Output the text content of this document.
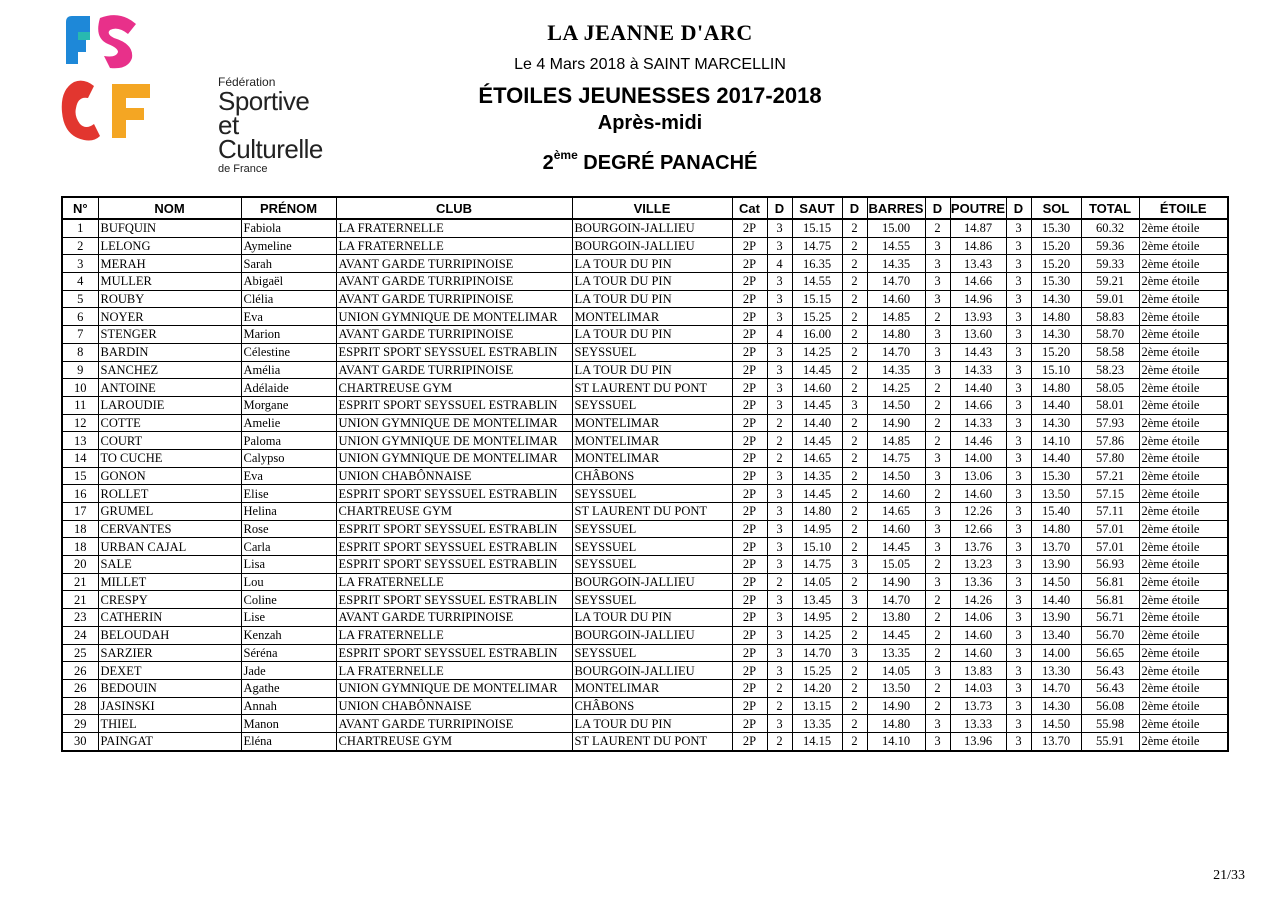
Fédération
Sportive
et Culturelle
de France
LA JEANNE D'ARC
Le 4 Mars 2018 à SAINT MARCELLIN
ÉTOILES JEUNESSES 2017-2018
Après-midi
2ème DEGRÉ PANACHÉ
N°	NOM	PRÉNOM	CLUB	VILLE	Cat	D	SAUT	D	BARRES	D	POUTRE	D	SOL	TOTAL	ÉTOILE
1	BUFQUIN	Fabiola	LA FRATERNELLE	BOURGOIN-JALLIEU	2P	3	15.15	2	15.00	2	14.87	3	15.30	60.32	2ème étoile
2	LELONG	Aymeline	LA FRATERNELLE	BOURGOIN-JALLIEU	2P	3	14.75	2	14.55	3	14.86	3	15.20	59.36	2ème étoile
3	MERAH	Sarah	AVANT GARDE TURRIPINOISE	LA TOUR DU PIN	2P	4	16.35	2	14.35	3	13.43	3	15.20	59.33	2ème étoile
4	MULLER	Abigaël	AVANT GARDE TURRIPINOISE	LA TOUR DU PIN	2P	3	14.55	2	14.70	3	14.66	3	15.30	59.21	2ème étoile
5	ROUBY	Clélia	AVANT GARDE TURRIPINOISE	LA TOUR DU PIN	2P	3	15.15	2	14.60	3	14.96	3	14.30	59.01	2ème étoile
6	NOYER	Eva	UNION GYMNIQUE DE MONTELIMAR	MONTELIMAR	2P	3	15.25	2	14.85	2	13.93	3	14.80	58.83	2ème étoile
7	STENGER	Marion	AVANT GARDE TURRIPINOISE	LA TOUR DU PIN	2P	4	16.00	2	14.80	3	13.60	3	14.30	58.70	2ème étoile
8	BARDIN	Célestine	ESPRIT SPORT SEYSSUEL ESTRABLIN	SEYSSUEL	2P	3	14.25	2	14.70	3	14.43	3	15.20	58.58	2ème étoile
9	SANCHEZ	Amélia	AVANT GARDE TURRIPINOISE	LA TOUR DU PIN	2P	3	14.45	2	14.35	3	14.33	3	15.10	58.23	2ème étoile
10	ANTOINE	Adélaide	CHARTREUSE GYM	ST LAURENT DU PONT	2P	3	14.60	2	14.25	2	14.40	3	14.80	58.05	2ème étoile
11	LAROUDIE	Morgane	ESPRIT SPORT SEYSSUEL ESTRABLIN	SEYSSUEL	2P	3	14.45	3	14.50	2	14.66	3	14.40	58.01	2ème étoile
12	COTTE	Amelie	UNION GYMNIQUE DE MONTELIMAR	MONTELIMAR	2P	2	14.40	2	14.90	2	14.33	3	14.30	57.93	2ème étoile
13	COURT	Paloma	UNION GYMNIQUE DE MONTELIMAR	MONTELIMAR	2P	2	14.45	2	14.85	2	14.46	3	14.10	57.86	2ème étoile
14	TO CUCHE	Calypso	UNION GYMNIQUE DE MONTELIMAR	MONTELIMAR	2P	2	14.65	2	14.75	3	14.00	3	14.40	57.80	2ème étoile
15	GONON	Eva	UNION CHABÔNNAISE	CHÂBONS	2P	3	14.35	2	14.50	3	13.06	3	15.30	57.21	2ème étoile
16	ROLLET	Elise	ESPRIT SPORT SEYSSUEL ESTRABLIN	SEYSSUEL	2P	3	14.45	2	14.60	2	14.60	3	13.50	57.15	2ème étoile
17	GRUMEL	Helina	CHARTREUSE GYM	ST LAURENT DU PONT	2P	3	14.80	2	14.65	3	12.26	3	15.40	57.11	2ème étoile
18	CERVANTES	Rose	ESPRIT SPORT SEYSSUEL ESTRABLIN	SEYSSUEL	2P	3	14.95	2	14.60	3	12.66	3	14.80	57.01	2ème étoile
18	URBAN CAJAL	Carla	ESPRIT SPORT SEYSSUEL ESTRABLIN	SEYSSUEL	2P	3	15.10	2	14.45	3	13.76	3	13.70	57.01	2ème étoile
20	SALE	Lisa	ESPRIT SPORT SEYSSUEL ESTRABLIN	SEYSSUEL	2P	3	14.75	3	15.05	2	13.23	3	13.90	56.93	2ème étoile
21	MILLET	Lou	LA FRATERNELLE	BOURGOIN-JALLIEU	2P	2	14.05	2	14.90	3	13.36	3	14.50	56.81	2ème étoile
21	CRESPY	Coline	ESPRIT SPORT SEYSSUEL ESTRABLIN	SEYSSUEL	2P	3	13.45	3	14.70	2	14.26	3	14.40	56.81	2ème étoile
23	CATHERIN	Lise	AVANT GARDE TURRIPINOISE	LA TOUR DU PIN	2P	3	14.95	2	13.80	2	14.06	3	13.90	56.71	2ème étoile
24	BELOUDAH	Kenzah	LA FRATERNELLE	BOURGOIN-JALLIEU	2P	3	14.25	2	14.45	2	14.60	3	13.40	56.70	2ème étoile
25	SARZIER	Séréna	ESPRIT SPORT SEYSSUEL ESTRABLIN	SEYSSUEL	2P	3	14.70	3	13.35	2	14.60	3	14.00	56.65	2ème étoile
26	DEXET	Jade	LA FRATERNELLE	BOURGOIN-JALLIEU	2P	3	15.25	2	14.05	3	13.83	3	13.30	56.43	2ème étoile
26	BEDOUIN	Agathe	UNION GYMNIQUE DE MONTELIMAR	MONTELIMAR	2P	2	14.20	2	13.50	2	14.03	3	14.70	56.43	2ème étoile
28	JASINSKI	Annah	UNION CHABÔNNAISE	CHÂBONS	2P	2	13.15	2	14.90	2	13.73	3	14.30	56.08	2ème étoile
29	THIEL	Manon	AVANT GARDE TURRIPINOISE	LA TOUR DU PIN	2P	3	13.35	2	14.80	3	13.33	3	14.50	55.98	2ème étoile
30	PAINGAT	Eléna	CHARTREUSE GYM	ST LAURENT DU PONT	2P	2	14.15	2	14.10	3	13.96	3	13.70	55.91	2ème étoile
21/33
